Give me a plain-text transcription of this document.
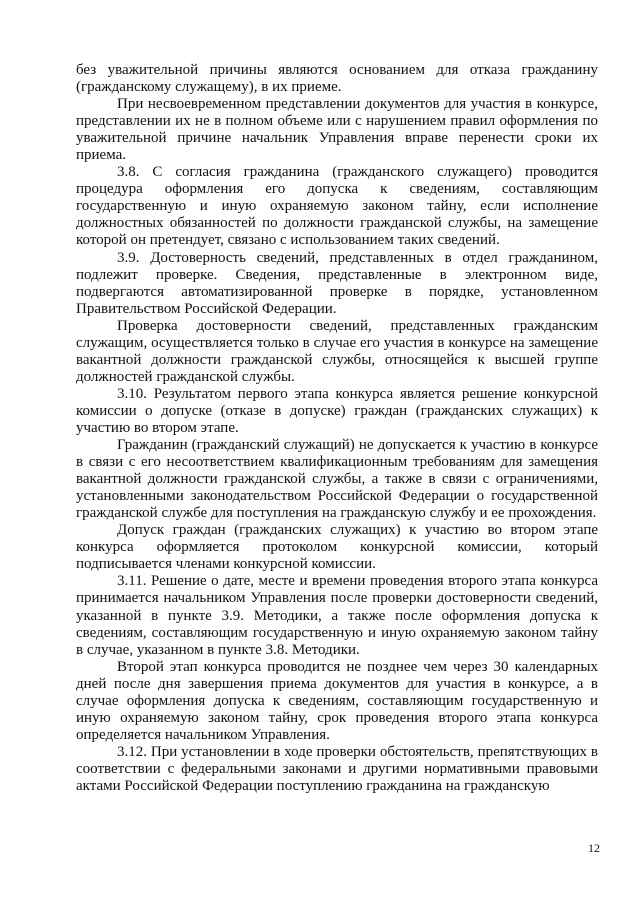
без уважительной причины являются основанием для отказа гражданину (гражданскому служащему), в их приеме.

При несвоевременном представлении документов для участия в конкурсе, представлении их не в полном объеме или с нарушением правил оформления по уважительной причине начальник Управления вправе перенести сроки их приема.

3.8. С согласия гражданина (гражданского служащего) проводится процедура оформления его допуска к сведениям, составляющим государственную и иную охраняемую законом тайну, если исполнение должностных обязанностей по должности гражданской службы, на замещение которой он претендует, связано с использованием таких сведений.

3.9. Достоверность сведений, представленных в отдел гражданином, подлежит проверке. Сведения, представленные в электронном виде, подвергаются автоматизированной проверке в порядке, установленном Правительством Российской Федерации.

Проверка достоверности сведений, представленных гражданским служащим, осуществляется только в случае его участия в конкурсе на замещение вакантной должности гражданской службы, относящейся к высшей группе должностей гражданской службы.

3.10. Результатом первого этапа конкурса является решение конкурсной комиссии о допуске (отказе в допуске) граждан (гражданских служащих) к участию во втором этапе.

Гражданин (гражданский служащий) не допускается к участию в конкурсе в связи с его несоответствием квалификационным требованиям для замещения вакантной должности гражданской службы, а также в связи с ограничениями, установленными законодательством Российской Федерации о государственной гражданской службе для поступления на гражданскую службу и ее прохождения.

Допуск граждан (гражданских служащих) к участию во втором этапе конкурса оформляется протоколом конкурсной комиссии, который подписывается членами конкурсной комиссии.

3.11. Решение о дате, месте и времени проведения второго этапа конкурса принимается начальником Управления после проверки достоверности сведений, указанной в пункте 3.9. Методики, а также после оформления допуска к сведениям, составляющим государственную и иную охраняемую законом тайну в случае, указанном в пункте 3.8. Методики.

Второй этап конкурса проводится не позднее чем через 30 календарных дней после дня завершения приема документов для участия в конкурсе, а в случае оформления допуска к сведениям, составляющим государственную и иную охраняемую законом тайну, срок проведения второго этапа конкурса определяется начальником Управления.

3.12. При установлении в ходе проверки обстоятельств, препятствующих в соответствии с федеральными законами и другими нормативными правовыми актами Российской Федерации поступлению гражданина на гражданскую

12
